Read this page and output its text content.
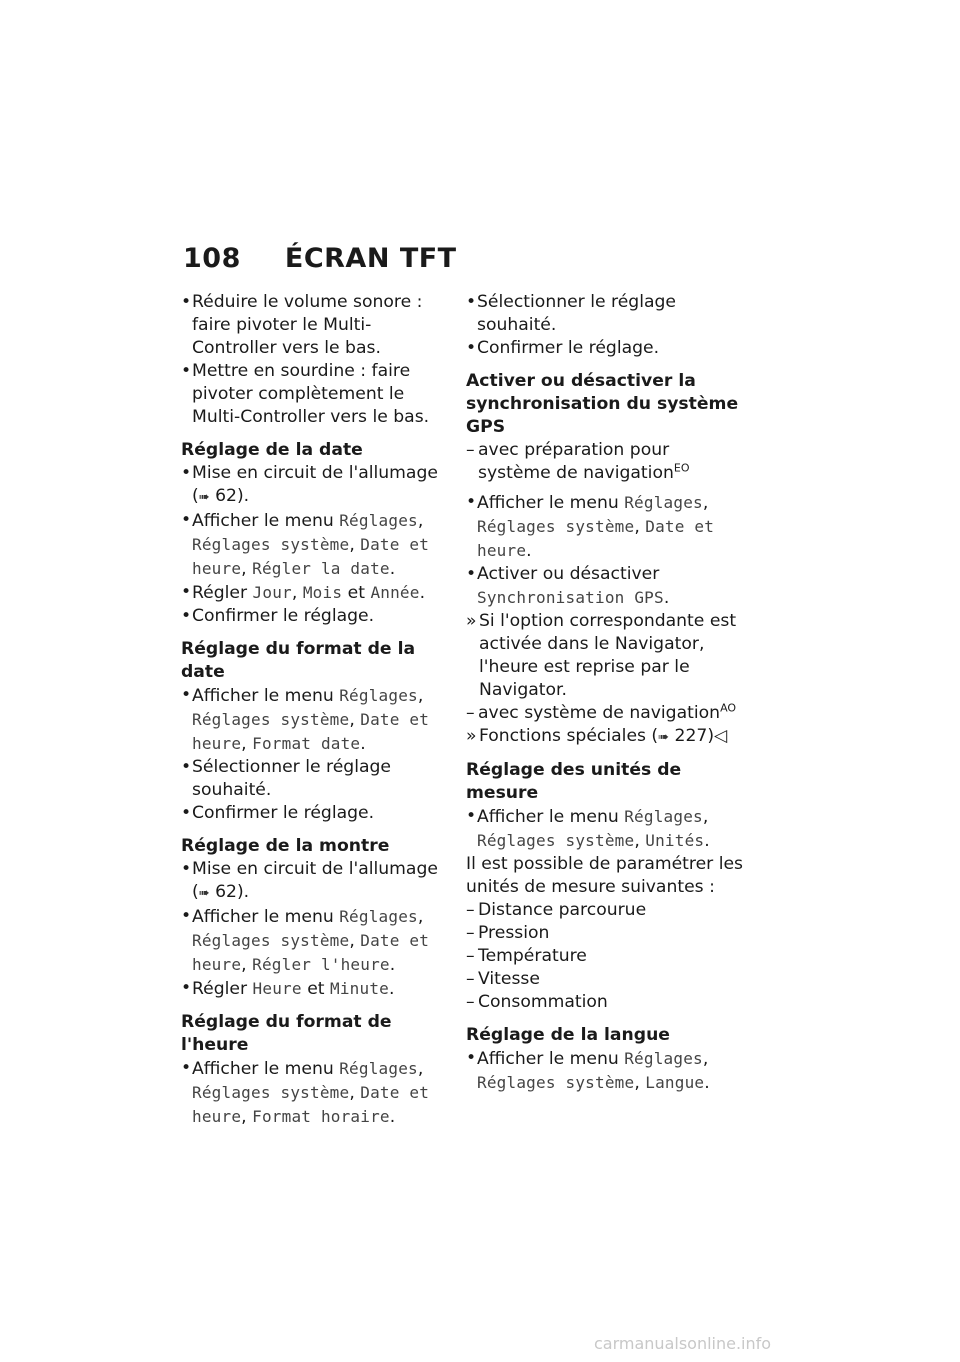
108 ÉCRAN TFT

• Réduire le volume sonore : faire pivoter le Multi-Controller vers le bas.

• Mettre en sourdine : faire pivoter complètement le Multi-Controller vers le bas.

Réglage de la date

• Mise en circuit de l'allumage (➠ 62).

• Afficher le menu Réglages, Réglages système, Date et heure, Régler la date.

• Régler Jour, Mois et Année.

• Confirmer le réglage.

Réglage du format de la date

• Afficher le menu Réglages, Réglages système, Date et heure, Format date.

• Sélectionner le réglage souhaité.

• Confirmer le réglage.

Réglage de la montre

• Mise en circuit de l'allumage (➠ 62).

• Afficher le menu Réglages, Réglages système, Date et heure, Régler l'heure.

• Régler Heure et Minute.

Réglage du format de l'heure

• Afficher le menu Réglages, Réglages système, Date et heure, Format horaire.

• Sélectionner le réglage souhaité.

• Confirmer le réglage.

Activer ou désactiver la synchronisation du système GPS

– avec préparation pour système de navigation$^{EO}$

• Afficher le menu Réglages, Réglages système, Date et heure.

• Activer ou désactiver Synchronisation GPS.

» Si l'option correspondante est activée dans le Navigator, l'heure est reprise par le Navigator.

– avec système de navigation$^{AO}$

» Fonctions spéciales (➠ 227)◁

Réglage des unités de mesure

• Afficher le menu Réglages, Réglages système, Unités.

Il est possible de paramétrer les unités de mesure suivantes :

– Distance parcourue

– Pression

– Température

– Vitesse

– Consommation

Réglage de la langue

• Afficher le menu Réglages, Réglages système, Langue.

carmanualsonline.info
